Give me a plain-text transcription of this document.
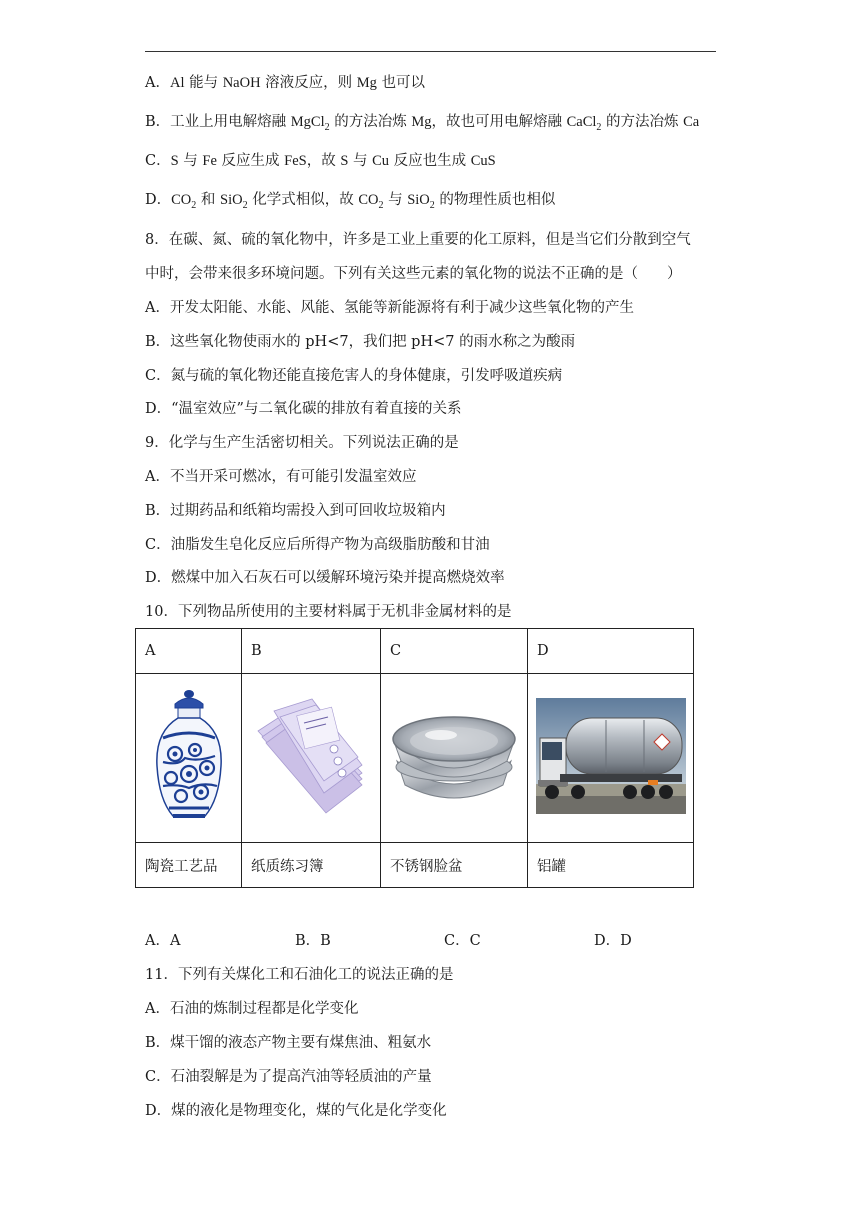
A．Al 能与 NaOH 溶液反应，则 Mg 也可以
B．工业上用电解熔融 MgCl$_2$ 的方法冶炼 Mg，故也可用电解熔融 CaCl$_2$ 的方法冶炼 Ca
C．S 与 Fe 反应生成 FeS，故 S 与 Cu 反应也生成 CuS
D．$CO_2$ 和 SiO$_2$ 化学式相似，故 $CO_2$ 与 SiO$_2$ 的物理性质也相似
8．在碳、氮、硫的氧化物中，许多是工业上重要的化工原料，但是当它们分散到空气
中时，会带来很多环境问题。下列有关这些元素的氧化物的说法不正确的是（　　）
A．开发太阳能、水能、风能、氢能等新能源将有利于减少这些氧化物的产生
B．这些氧化物使雨水的 pH<7，我们把 pH<7 的雨水称之为酸雨
C．氮与硫的氧化物还能直接危害人的身体健康，引发呼吸道疾病
D．“温室效应”与二氧化碳的排放有着直接的关系
9．化学与生产生活密切相关。下列说法正确的是
A．不当开采可燃冰，有可能引发温室效应
B．过期药品和纸箱均需投入到可回收垃圾箱内
C．油脂发生皂化反应后所得产物为高级脂肪酸和甘油
D．燃煤中加入石灰石可以缓解环境污染并提高燃烧效率
10．下列物品所使用的主要材料属于无机非金属材料的是
A	B	C	D

陶瓷工艺品	纸质练习簿	不锈钢脸盆	铝罐
A．A	B．B	C．C	D．D
11．下列有关煤化工和石油化工的说法正确的是
A．石油的炼制过程都是化学变化
B．煤干馏的液态产物主要有煤焦油、粗氨水
C．石油裂解是为了提高汽油等轻质油的产量
D．煤的液化是物理变化，煤的气化是化学变化
